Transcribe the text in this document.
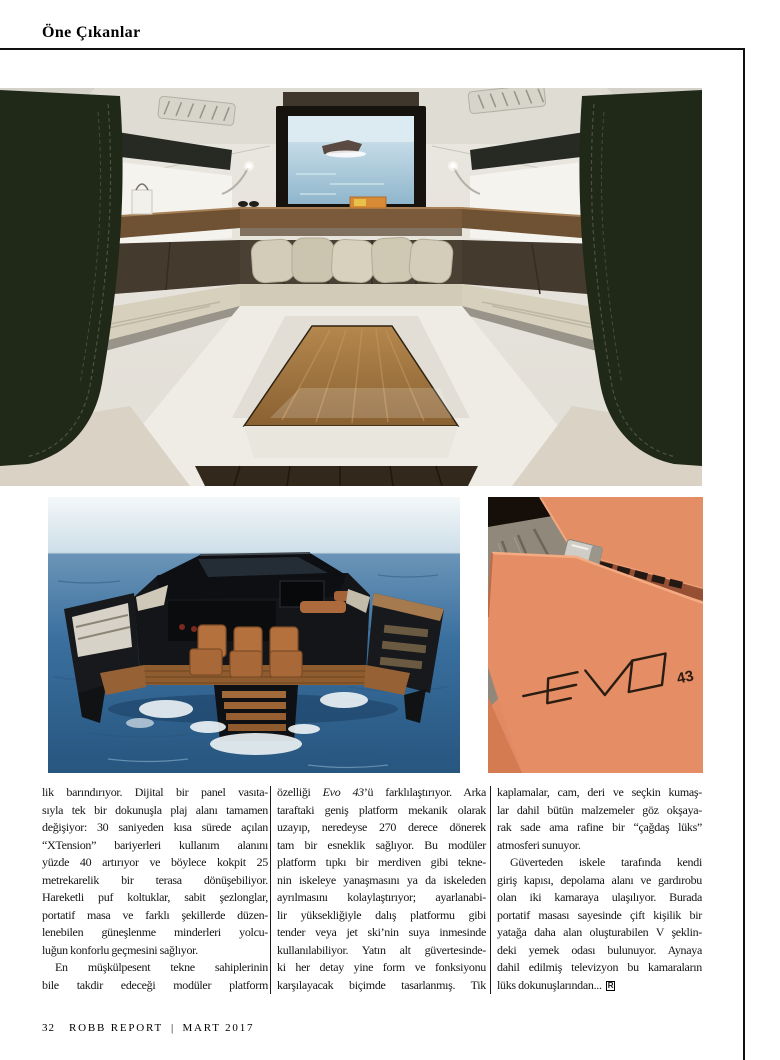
Öne Çıkanlar
43
lik barındırıyor. Dijital bir panel vasıta-
sıyla tek bir dokunuşla plaj alanı tamamen
değişiyor: 30 saniyeden kısa sürede açılan
“XTension” bariyerleri kullanım alanını
yüzde 40 artırıyor ve böylece kokpit 25
metrekarelik bir terasa dönüşebiliyor.
Hareketli puf koltuklar, sabit şezlonglar,
portatif masa ve farklı şekillerde düzen-
lenebilen güneşlenme minderleri yolcu-
luğun konforlu geçmesini sağlıyor.
En müşkülpesent tekne sahiplerinin
bile takdir edeceği modüler platform
özelliği Evo 43’ü farklılaştırıyor. Arka
taraftaki geniş platform mekanik olarak
uzayıp, neredeyse 270 derece dönerek
tam bir esneklik sağlıyor. Bu modüler
platform tıpkı bir merdiven gibi tekne-
nin iskeleye yanaşmasını ya da iskeleden
ayrılmasını kolaylaştırıyor; ayarlanabi-
lir yüksekliğiyle dalış platformu gibi
tender veya jet ski’nin suya inmesinde
kullanılabiliyor. Yatın alt güvertesinde-
ki her detay yine form ve fonksiyonu
karşılayacak biçimde tasarlanmış. Tik
kaplamalar, cam, deri ve seçkin kumaş-
lar dahil bütün malzemeler göz okşaya-
rak sade ama rafine bir “çağdaş lüks”
atmosferi sunuyor.
Güverteden iskele tarafında kendi
giriş kapısı, depolama alanı ve gardırobu
olan iki kamaraya ulaşılıyor. Burada
portatif masası sayesinde çift kişilik bir
yatağa daha alan oluşturabilen V şeklin-
deki yemek odası bulunuyor. Aynaya
dahil edilmiş televizyon bu kamaraların
lüks dokunuşlarından... R
32 ROBB REPORT | MART 2017
